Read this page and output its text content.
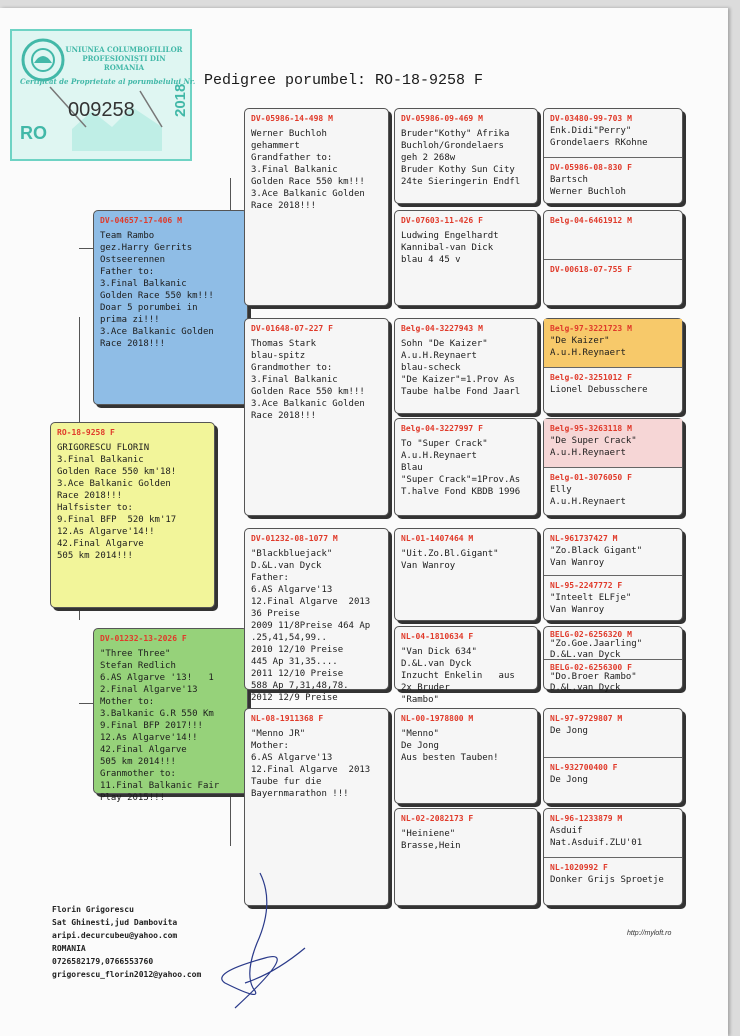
UNIUNEA COLUMBOFILILOR
PROFESIONIȘTI DIN ROMANIA
Certificat de Proprietate al porumbelului Nr.
009258
RO
2018
Pedigree porumbel: RO-18-9258 F
RO-18-9258 F
GRIGORESCU FLORIN
3.Final Balkanic
Golden Race 550 km'18!
3.Ace Balkanic Golden
Race 2018!!!
Halfsister to:
9.Final BFP  520 km'17
12.As Algarve'14!!
42.Final Algarve
505 km 2014!!!
DV-04657-17-406 M
Team Rambo
gez.Harry Gerrits
Ostseerennen
Father to:
3.Final Balkanic
Golden Race 550 km!!!
Doar 5 porumbei in
prima zi!!!
3.Ace Balkanic Golden
Race 2018!!!
DV-01232-13-2026 F
"Three Three"
Stefan Redlich
6.AS Algarve '13!   1
2.Final Algarve'13
Mother to:
3.Balkanic G.R 550 Km
9.Final BFP 2017!!!
12.As Algarve'14!!
42.Final Algarve
505 km 2014!!!
Granmother to:
11.Final Balkanic Fair
Play 2015!!!
DV-05986-14-498 M
Werner Buchloh
gehammert
Grandfather to:
3.Final Balkanic
Golden Race 550 km!!!
3.Ace Balkanic Golden
Race 2018!!!
DV-01648-07-227 F
Thomas Stark
blau-spitz
Grandmother to:
3.Final Balkanic
Golden Race 550 km!!!
3.Ace Balkanic Golden
Race 2018!!!
DV-01232-08-1077 M
"Blackbluejack"
D.&L.van Dyck
Father:
6.AS Algarve'13
12.Final Algarve  2013
36 Preise
2009 11/8Preise 464 Ap
.25,41,54,99..
2010 12/10 Preise
445 Ap 31,35....
2011 12/10 Preise
588 Ap 7,31,48,78.
2012 12/9 Preise
NL-08-1911368 F
"Menno JR"
Mother:
6.AS Algarve'13
12.Final Algarve  2013
Taube fur die
Bayernmarathon !!!
DV-05986-09-469 M
Bruder"Kothy" Afrika
Buchloh/Grondelaers
geh 2 268w
Bruder Kothy Sun City
24te Sieringerin Endfl
DV-07603-11-426 F
Ludwing Engelhardt
Kannibal-van Dick
blau 4 45 v
Belg-04-3227943 M
Sohn "De Kaizer"
A.u.H.Reynaert
blau-scheck
"De Kaizer"=1.Prov As
Taube halbe Fond Jaarl
Belg-04-3227997 F
To "Super Crack"
A.u.H.Reynaert
Blau
"Super Crack"=1Prov.As
T.halve Fond KBDB 1996
NL-01-1407464 M
"Uit.Zo.Bl.Gigant"
Van Wanroy
NL-04-1810634 F
"Van Dick 634"
D.&L.van Dyck
Inzucht Enkelin   aus
2x Bruder
"Rambo"
NL-00-1978800 M
"Menno"
De Jong
Aus besten Tauben!
NL-02-2082173 F
"Heiniene"
Brasse,Hein
DV-03480-99-703 M
Enk.Didi"Perry"
Grondelaers RKohne
DV-05986-08-830 F
Bartsch
Werner Buchloh
Belg-04-6461912 M
DV-00618-07-755 F
Belg-97-3221723 M
"De Kaizer"
A.u.H.Reynaert
Belg-02-3251012 F
Lionel Debusschere
Belg-95-3263118 M
"De Super Crack"
A.u.H.Reynaert
Belg-01-3076050 F
Elly
A.u.H.Reynaert
NL-961737427 M
"Zo.Black Gigant"
Van Wanroy
NL-95-2247772 F
"Inteelt ELFje"
Van Wanroy
BELG-02-6256320 M
"Zo.Goe.Jaarling"
D.&L.van Dyck
BELG-02-6256300 F
"Do.Broer Rambo"
D.&L.van Dyck
NL-97-9729807 M
De Jong
NL-932700400 F
De Jong
NL-96-1233879 M
Asduif
Nat.Asduif.ZLU'01
NL-1020992 F
Donker Grijs Sproetje
Florin Grigorescu
Sat Ghinesti,jud Dambovita
aripi.decurcubeu@yahoo.com
ROMANIA
0726582179,0766553760
grigorescu_florin2012@yahoo.com
http://myloft.ro
